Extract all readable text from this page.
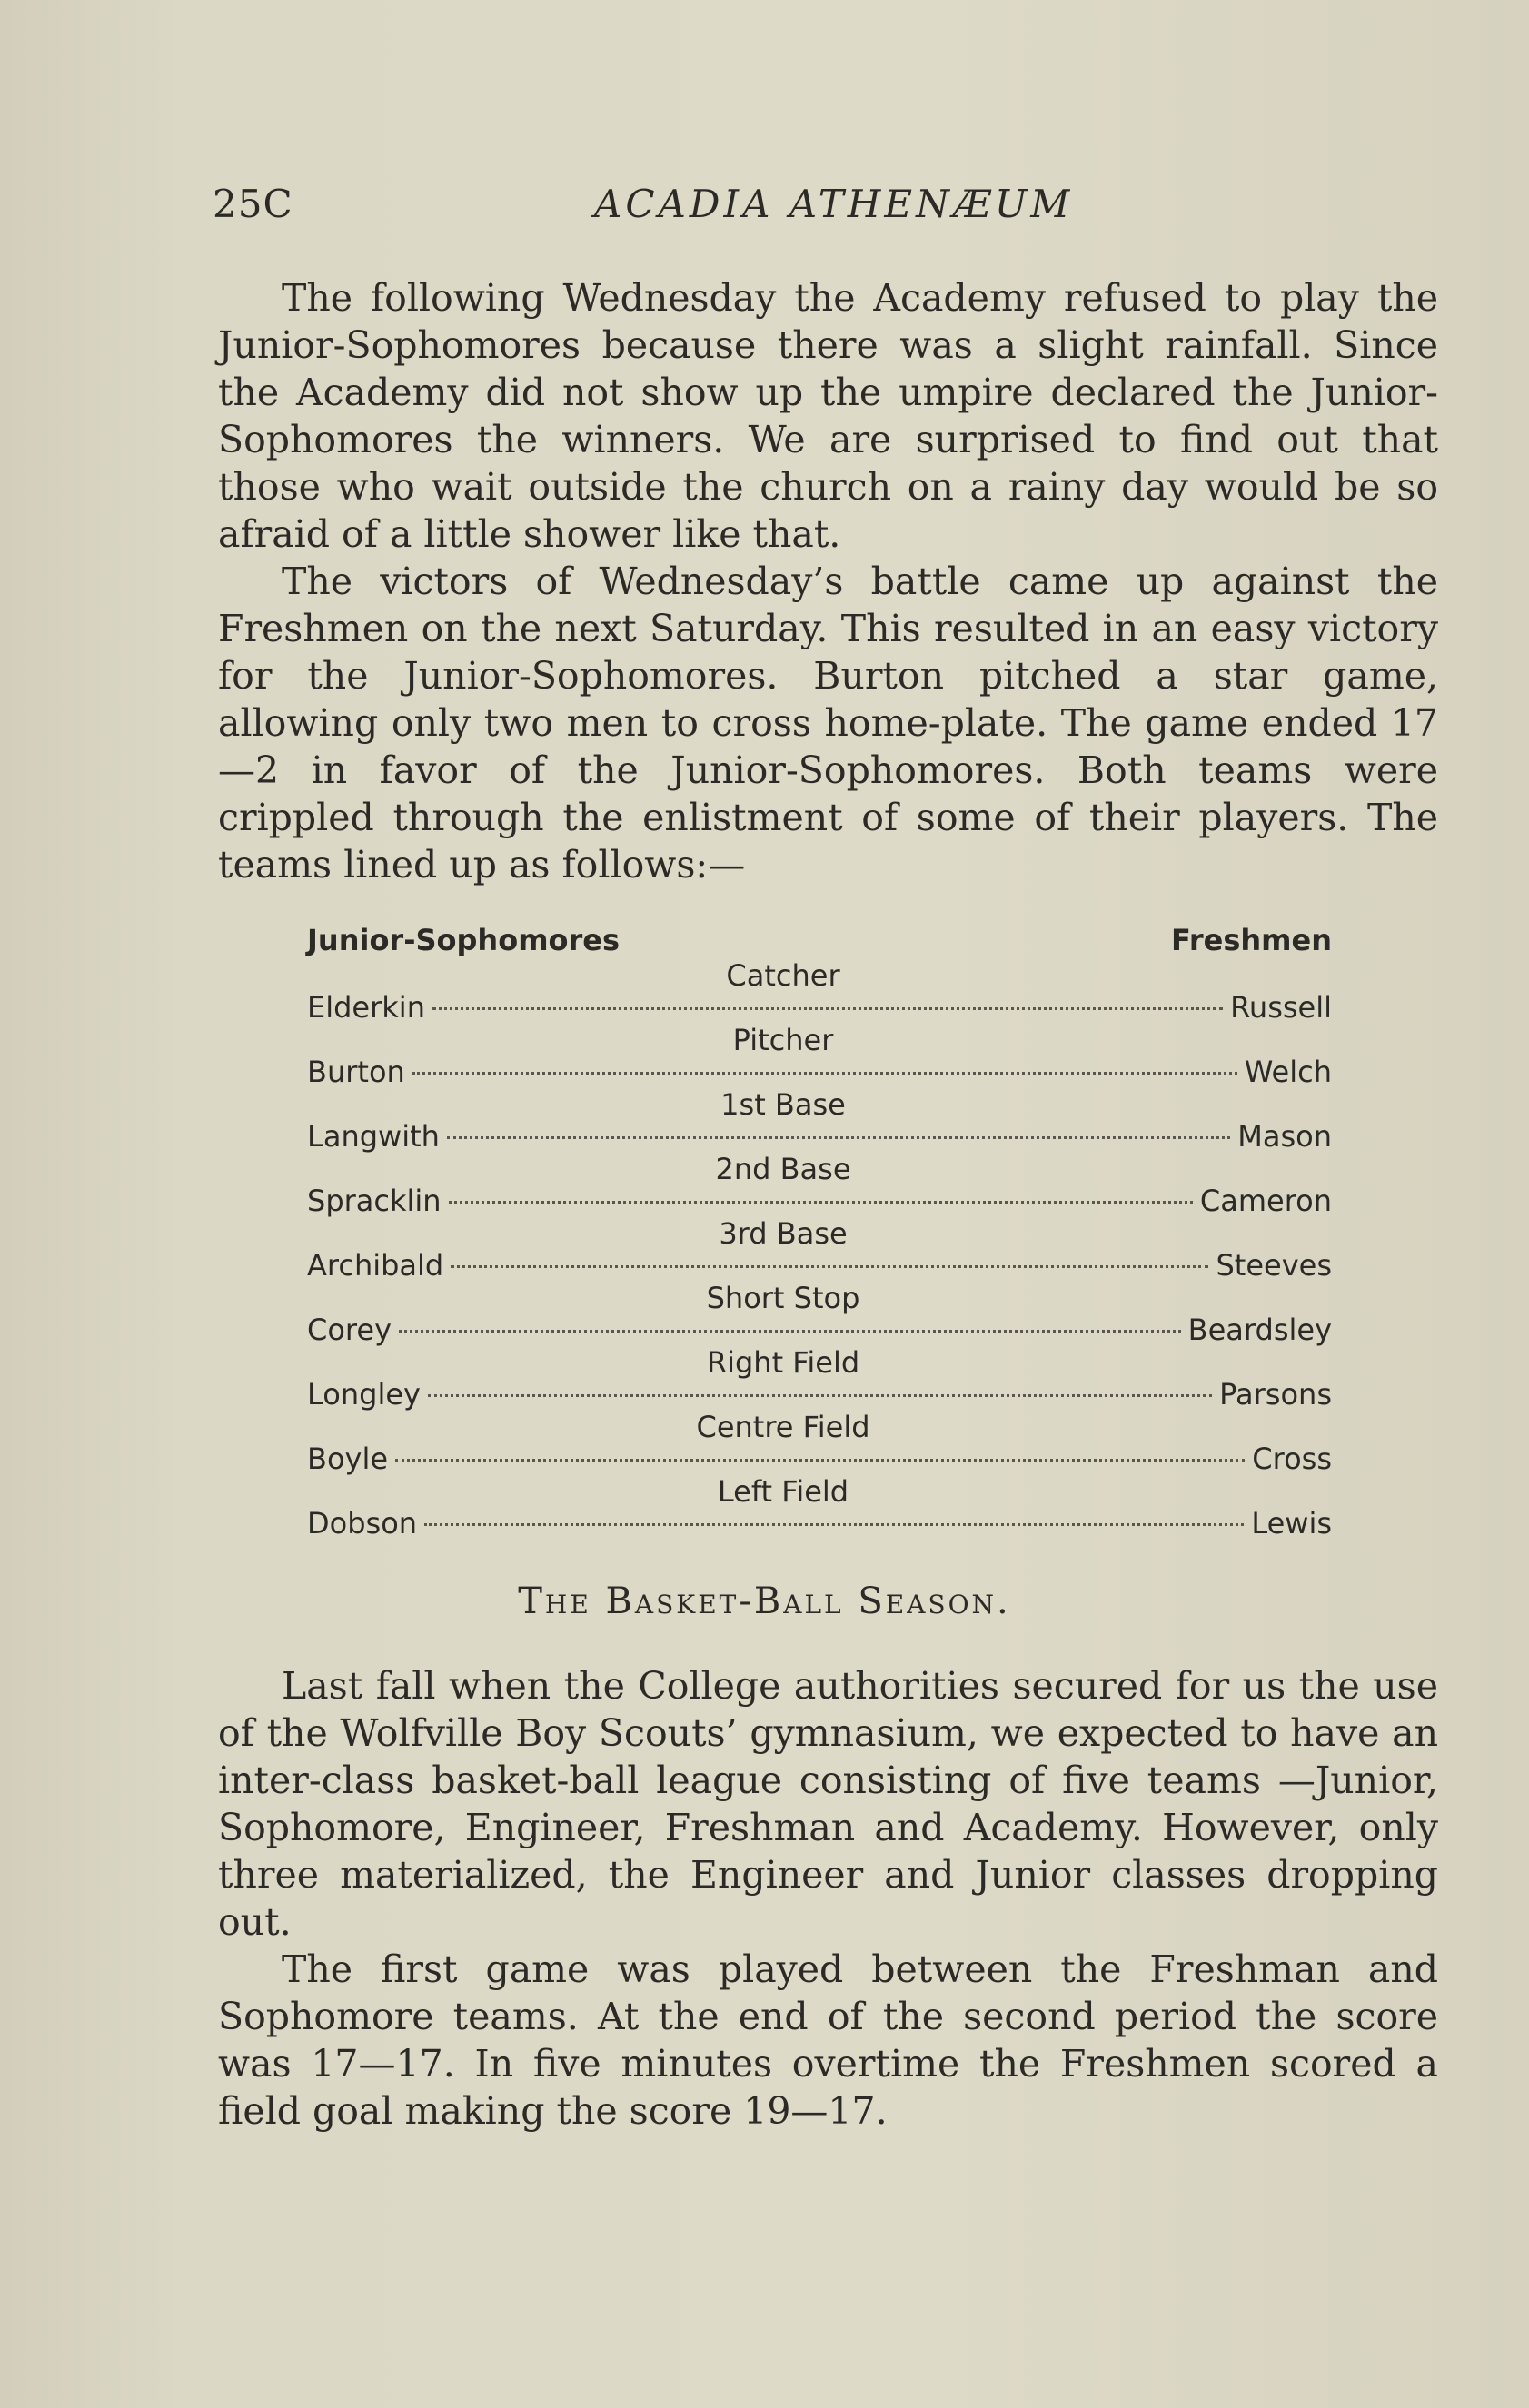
25C	ACADIA ATHENÆUM

The following Wednesday the Academy refused to play the Junior-Sophomores because there was a slight rainfall. Since the Academy did not show up the umpire declared the Junior-Sophomores the winners. We are surprised to find out that those who wait outside the church on a rainy day would be so afraid of a little shower like that.

The victors of Wednesday’s battle came up against the Freshmen on the next Saturday. This resulted in an easy victory for the Junior-Sophomores. Burton pitched a star game, allowing only two men to cross home-plate. The game ended 17—2 in favor of the Junior-Sophomores. Both teams were crippled through the enlistment of some of their players. The teams lined up as follows:—

Junior-Sophomores	Freshmen
Catcher
Elderkin	Russell
Pitcher
Burton	Welch
1st Base
Langwith	Mason
2nd Base
Spracklin	Cameron
3rd Base
Archibald	Steeves
Short Stop
Corey	Beardsley
Right Field
Longley	Parsons
Centre Field
Boyle	Cross
Left Field
Dobson	Lewis
The Basket-Ball Season.

Last fall when the College authorities secured for us the use of the Wolfville Boy Scouts’ gymnasium, we expected to have an inter-class basket-ball league consisting of five teams —Junior, Sophomore, Engineer, Freshman and Academy. However, only three materialized, the Engineer and Junior classes dropping out.

The first game was played between the Freshman and Sophomore teams. At the end of the second period the score was 17—17. In five minutes overtime the Freshmen scored a field goal making the score 19—17.
